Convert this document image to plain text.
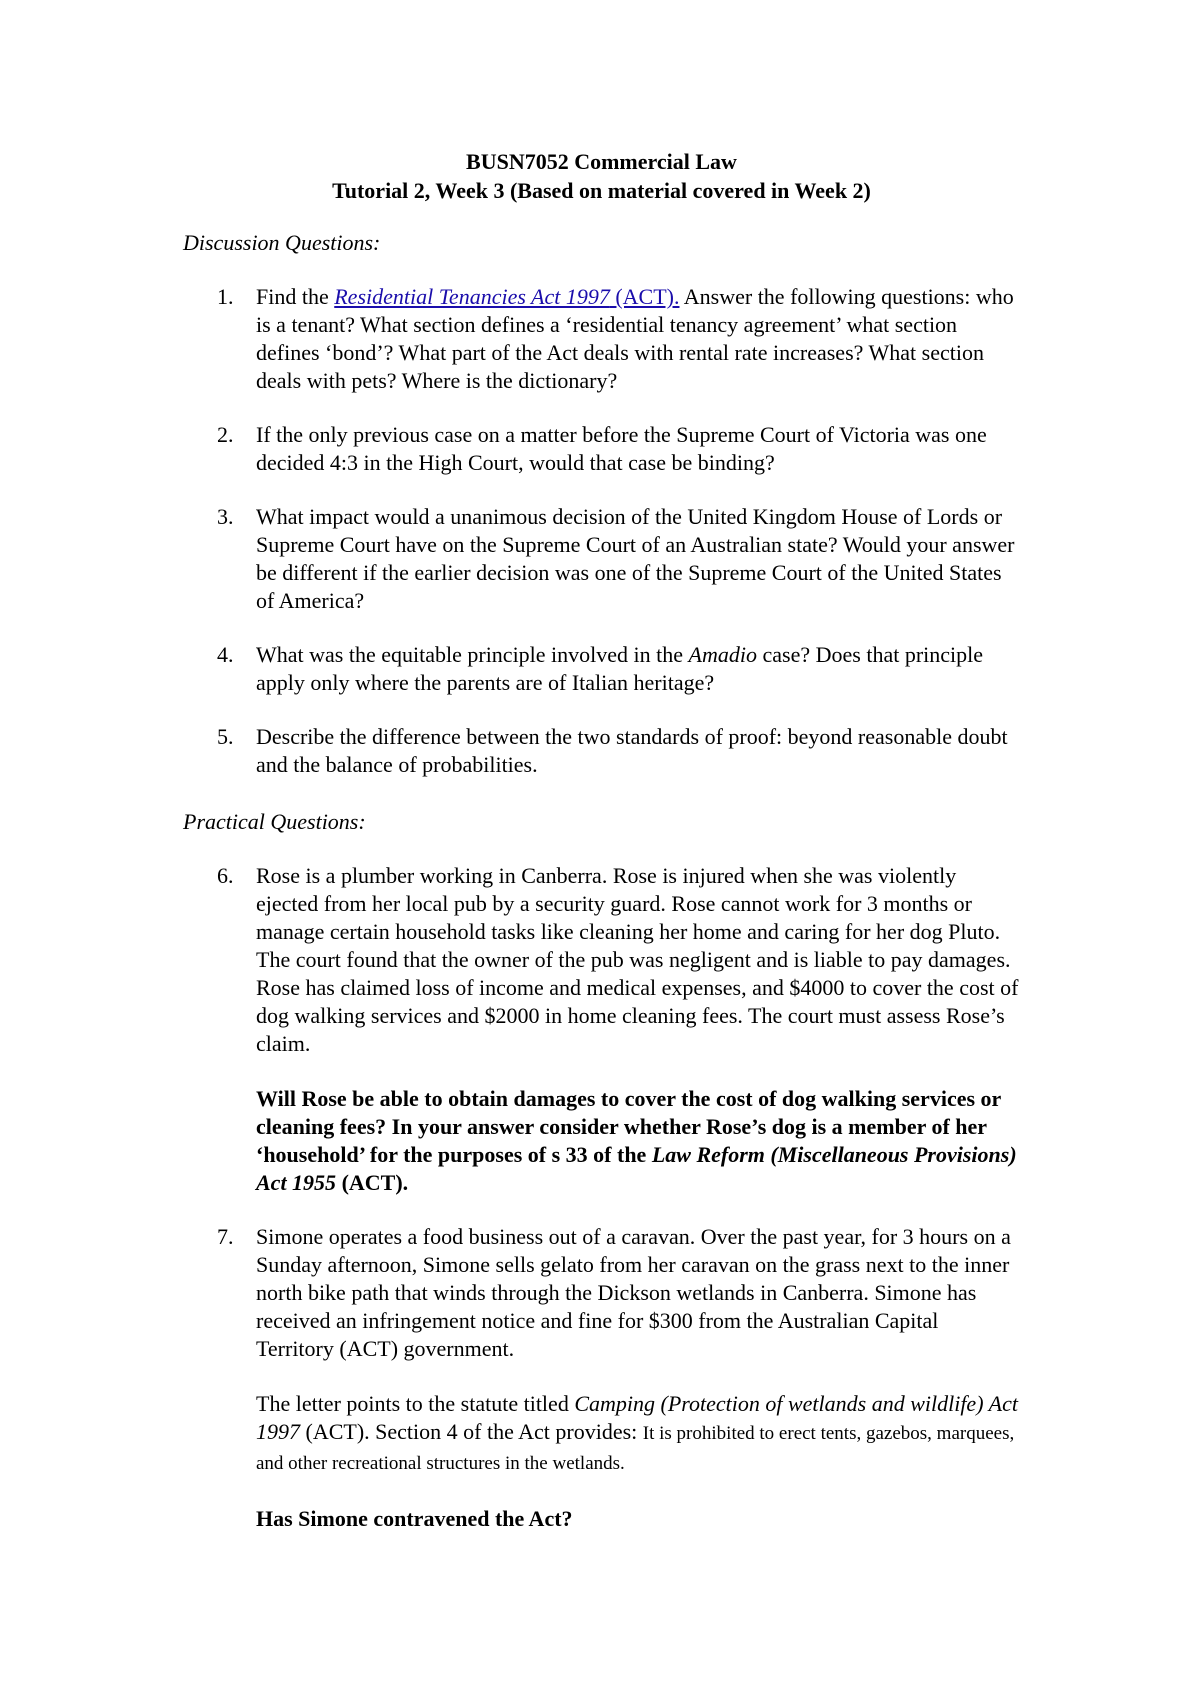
BUSN7052 Commercial Law
Tutorial 2, Week 3 (Based on material covered in Week 2)
Discussion Questions:
1. Find the Residential Tenancies Act 1997 (ACT). Answer the following questions: who is a tenant? What section defines a ‘residential tenancy agreement’ what section defines ‘bond’? What part of the Act deals with rental rate increases? What section deals with pets? Where is the dictionary?
2. If the only previous case on a matter before the Supreme Court of Victoria was one decided 4:3 in the High Court, would that case be binding?
3. What impact would a unanimous decision of the United Kingdom House of Lords or Supreme Court have on the Supreme Court of an Australian state? Would your answer be different if the earlier decision was one of the Supreme Court of the United States of America?
4. What was the equitable principle involved in the Amadio case? Does that principle apply only where the parents are of Italian heritage?
5. Describe the difference between the two standards of proof: beyond reasonable doubt and the balance of probabilities.
Practical Questions:
6. Rose is a plumber working in Canberra. Rose is injured when she was violently ejected from her local pub by a security guard. Rose cannot work for 3 months or manage certain household tasks like cleaning her home and caring for her dog Pluto. The court found that the owner of the pub was negligent and is liable to pay damages. Rose has claimed loss of income and medical expenses, and $4000 to cover the cost of dog walking services and $2000 in home cleaning fees. The court must assess Rose’s claim.
Will Rose be able to obtain damages to cover the cost of dog walking services or cleaning fees? In your answer consider whether Rose’s dog is a member of her ‘household’ for the purposes of s 33 of the Law Reform (Miscellaneous Provisions) Act 1955 (ACT).
7. Simone operates a food business out of a caravan. Over the past year, for 3 hours on a Sunday afternoon, Simone sells gelato from her caravan on the grass next to the inner north bike path that winds through the Dickson wetlands in Canberra. Simone has received an infringement notice and fine for $300 from the Australian Capital Territory (ACT) government.
The letter points to the statute titled Camping (Protection of wetlands and wildlife) Act 1997 (ACT). Section 4 of the Act provides: It is prohibited to erect tents, gazebos, marquees, and other recreational structures in the wetlands.
Has Simone contravened the Act?
